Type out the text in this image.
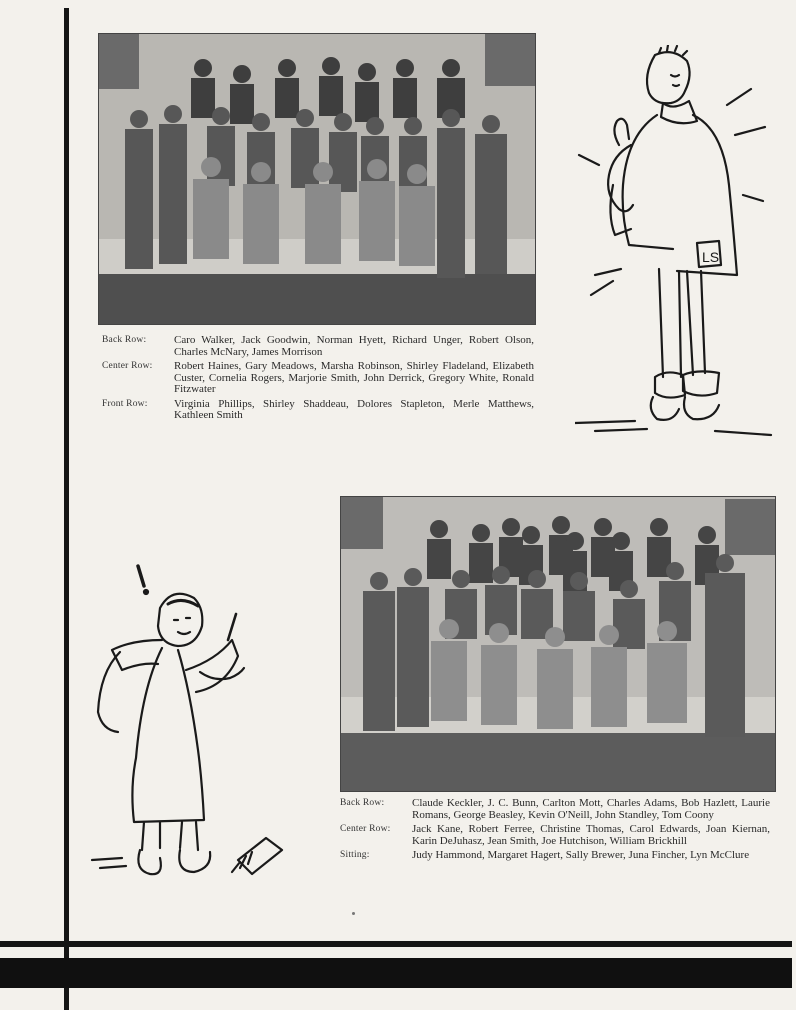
Back Row:	Caro Walker, Jack Goodwin, Norman Hyett, Richard Unger, Robert Olson, Charles McNary, James Morrison
Center Row:	Robert Haines, Gary Meadows, Marsha Robinson, Shirley Fladeland, Elizabeth Custer, Cornelia Rogers, Marjorie Smith, John Derrick, Gregory White, Ronald Fitzwater
Front Row:	Virginia Phillips, Shirley Shaddeau, Dolores Stapleton, Merle Matthews, Kathleen Smith
LS
Back Row:	Claude Keckler, J. C. Bunn, Carlton Mott, Charles Adams, Bob Hazlett, Laurie Romans, George Beasley, Kevin O'Neill, John Standley, Tom Coony
Center Row:	Jack Kane, Robert Ferree, Christine Thomas, Carol Edwards, Joan Kiernan, Karin DeJuhasz, Jean Smith, Joe Hutchison, William Brickhill
Sitting:	Judy Hammond, Margaret Hagert, Sally Brewer, Juna Fincher, Lyn McClure
